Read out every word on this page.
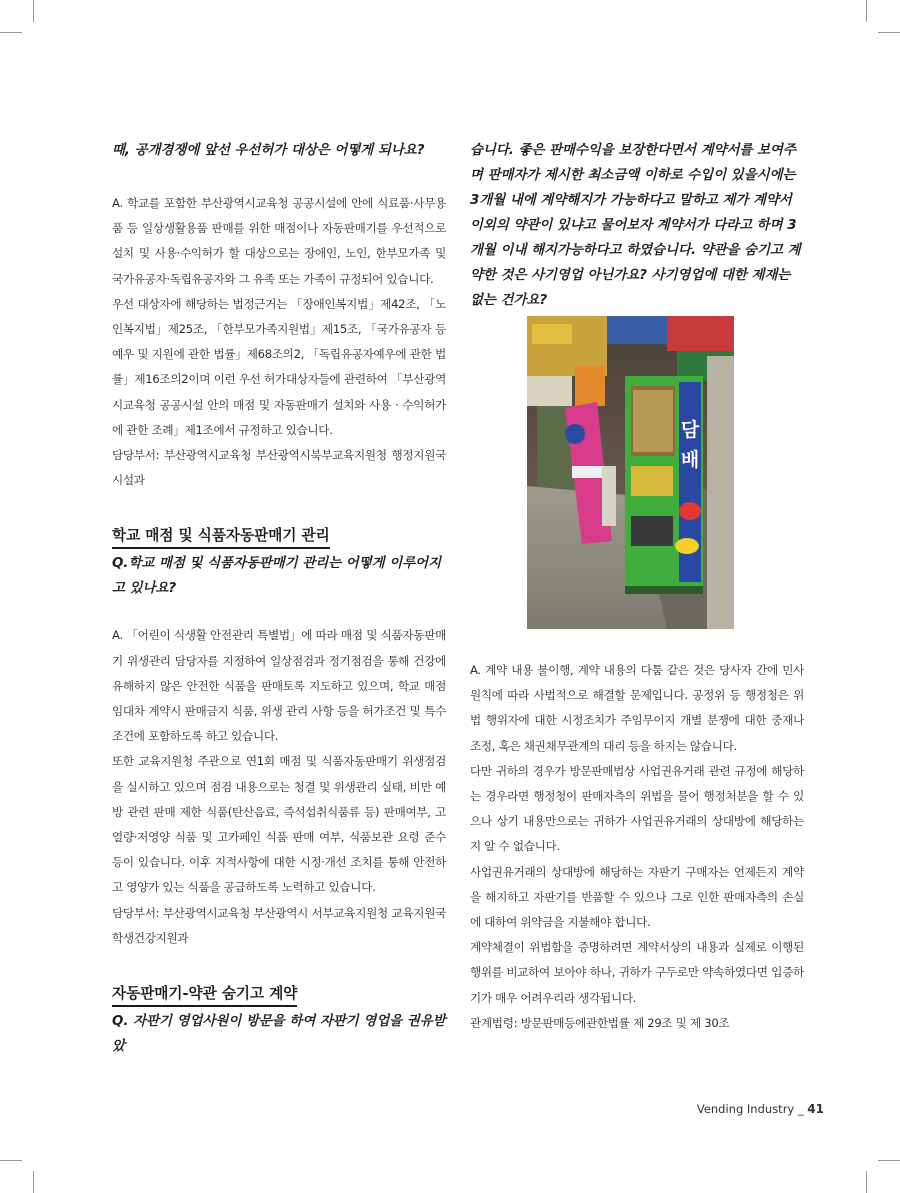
때, 공개경쟁에 앞선 우선허가 대상은 어떻게 되나요?

A. 학교를 포함한 부산광역시교육청 공공시설에 안에 식료품·사무용품 등 일상생활용품 판매를 위한 매점이나 자동판매기를 우선적으로 설치 및 사용·수익허가 할 대상으로는 장애인, 노인, 한부모가족 및 국가유공자·독립유공자와 그 유족 또는 가족이 규정되어 있습니다.

우선 대상자에 해당하는 법정근거는 「장애인복지법」제42조, 「노인복지법」제25조, 「한부모가족지원법」제15조, 「국가유공자 등 예우 및 지원에 관한 법률」제68조의2, 「독립유공자예우에 관한 법률」제16조의2이며 이런 우선 허가대상자들에 관련하여 「부산광역시교육청 공공시설 안의 매점 및 자동판매기 설치와 사용 · 수익허가에 관한 조례」제1조에서 규정하고 있습니다.

담당부서: 부산광역시교육청 부산광역시북부교육지원청 행정지원국 시설과

학교 매점 및 식품자동판매기 관리

Q.학교 매점 및 식품자동판매기 관리는 어떻게 이루어지고 있나요?

A. 「어린이 식생활 안전관리 특별법」에 따라 매점 및 식품자동판매기 위생관리 담당자를 지정하여 일상점검과 정기점검을 통해 건강에 유해하지 않은 안전한 식품을 판매토록 지도하고 있으며, 학교 매점 임대차 계약시 판매금지 식품, 위생 관리 사항 등을 허가조건 및 특수조건에 포함하도록 하고 있습니다.

또한 교육지원청 주관으로 연1회 매점 및 식품자동판매기 위생점검을 실시하고 있으며 점검 내용으로는 청결 및 위생관리 실태, 비만 예방 관련 판매 제한 식품(탄산음료, 즉석섭취식품류 등) 판매여부, 고열량·저영양 식품 및 고카페인 식품 판매 여부, 식품보관 요령 준수 등이 있습니다. 이후 지적사항에 대한 시정·개선 조치를 통해 안전하고 영양가 있는 식품을 공급하도록 노력하고 있습니다.

담당부서: 부산광역시교육청 부산광역시 서부교육지원청 교육지원국 학생건강지원과

자동판매기-약관 숨기고 계약

Q. 자판기 영업사원이 방문을 하여 자판기 영업을 권유받았

습니다. 좋은 판매수익을 보장한다면서 계약서를 보여주며 판매자가 제시한 최소금액 이하로 수입이 있을시에는 3개월 내에 계약해지가 가능하다고 말하고 제가 계약서 이외의 약관이 있냐고 물어보자 계약서가 다라고 하며 3개월 이내 해지가능하다고 하였습니다. 약관을 숨기고 계약한 것은 사기영업 아닌가요? 사기영업에 대한 제재는 없는 건가요?

담
배

A. 계약 내용 불이행, 계약 내용의 다툼 같은 것은 당사자 간에 민사원칙에 따라 사법적으로 해결할 문제입니다. 공정위 등 행정청은 위법 행위자에 대한 시정조치가 주임무이지 개별 분쟁에 대한 중재나 조정, 혹은 채권채무관계의 대리 등을 하지는 않습니다.

다만 귀하의 경우가 방문판매법상 사업권유거래 관련 규정에 해당하는 경우라면 행정청이 판매자측의 위법을 물어 행정처분을 할 수 있으나 상기 내용만으로는 귀하가 사업권유거래의 상대방에 해당하는지 알 수 없습니다.

사업권유거래의 상대방에 해당하는 자판기 구매자는 언제든지 계약을 해지하고 자판기를 반품할 수 있으나 그로 인한 판매자측의 손실에 대하여 위약금을 지불해야 합니다.

계약체결이 위법함을 증명하려면 계약서상의 내용과 실제로 이행된 행위를 비교하여 보아야 하나, 귀하가 구두로만 약속하였다면 입증하기가 매우 어려우리라 생각됩니다.

관계법령: 방문판매등에관한법률 제 29조 및 제 30조

Vending Industry _ 41
